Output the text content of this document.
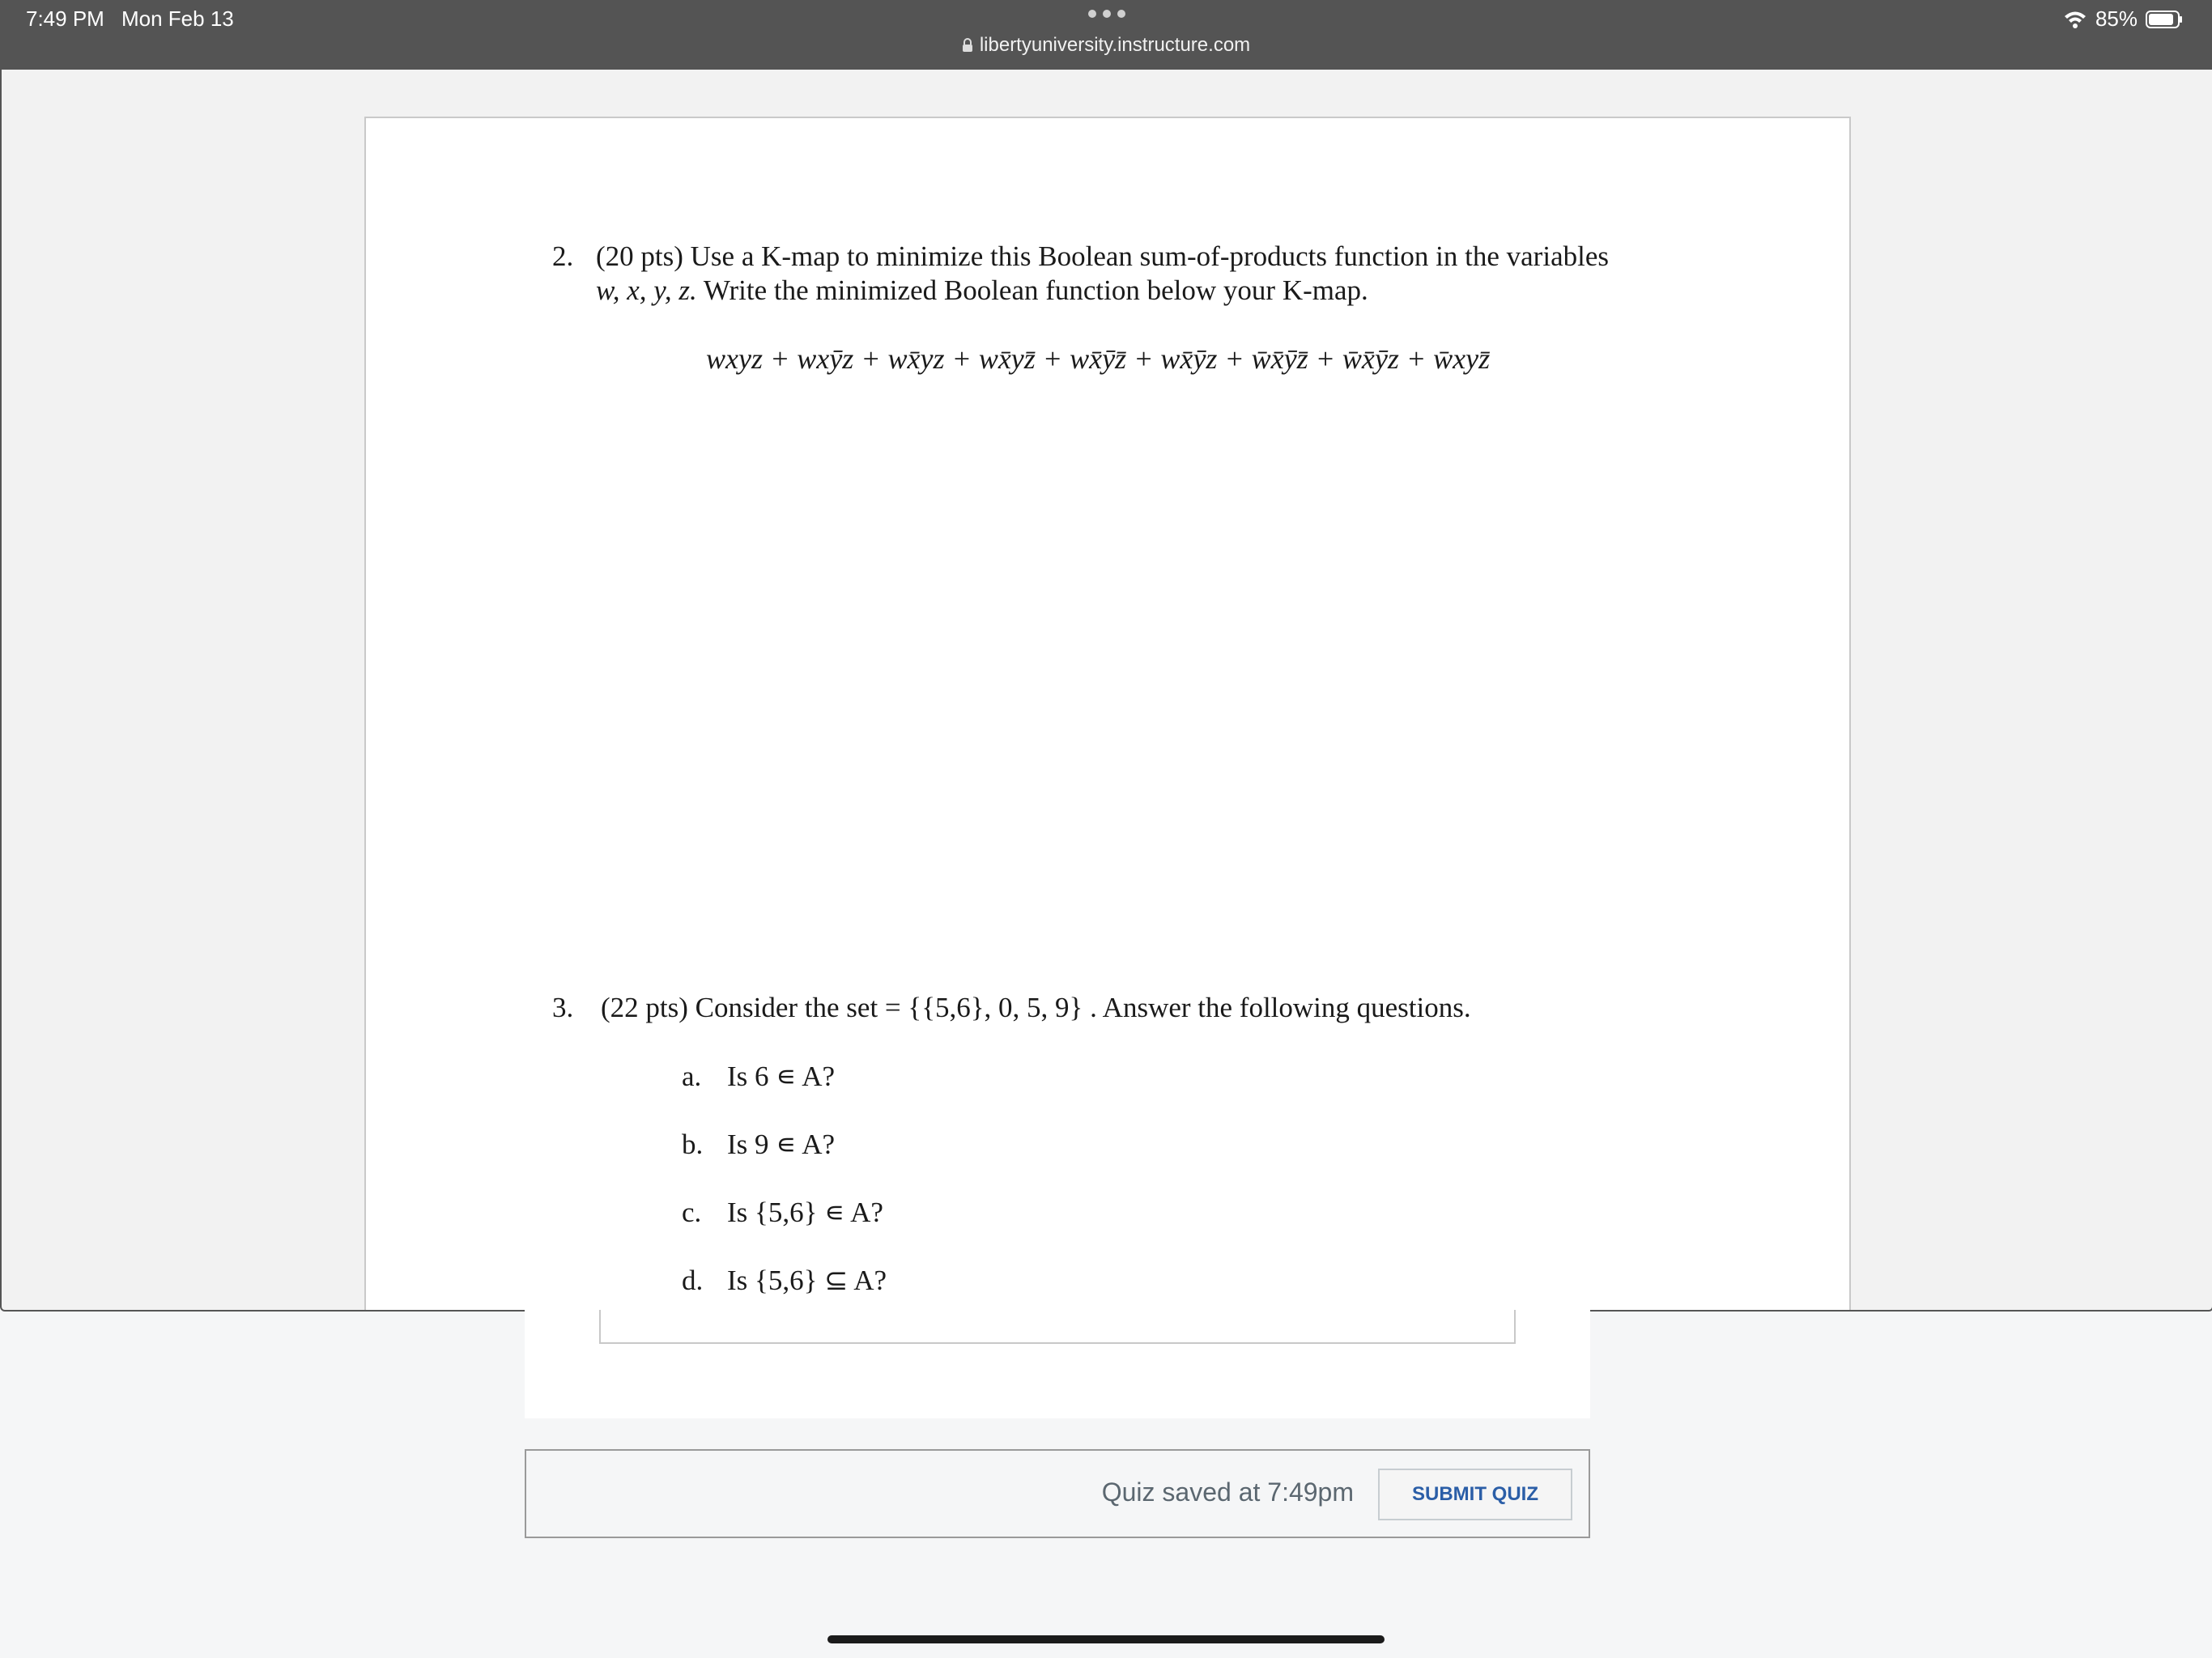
7:49 PM Mon Feb 13	85%
libertyuniversity.instructure.com
2. (20 pts) Use a K-map to minimize this Boolean sum-of-products function in the variables
w, x, y, z. Write the minimized Boolean function below your K-map.
wxyz + wxȳz + wx̄yz + wx̄yz̄ + wx̄ȳz̄ + wx̄ȳz + w̄x̄ȳz̄ + w̄x̄ȳz + w̄xyz̄
3. (22 pts) Consider the set = {{5,6}, 0, 5, 9} . Answer the following questions.
a. Is 6 ∊ A?
b. Is 9 ∊ A?
c. Is {5,6} ∊ A?
d. Is {5,6} ⊆ A?
Quiz saved at 7:49pm	SUBMIT QUIZ
